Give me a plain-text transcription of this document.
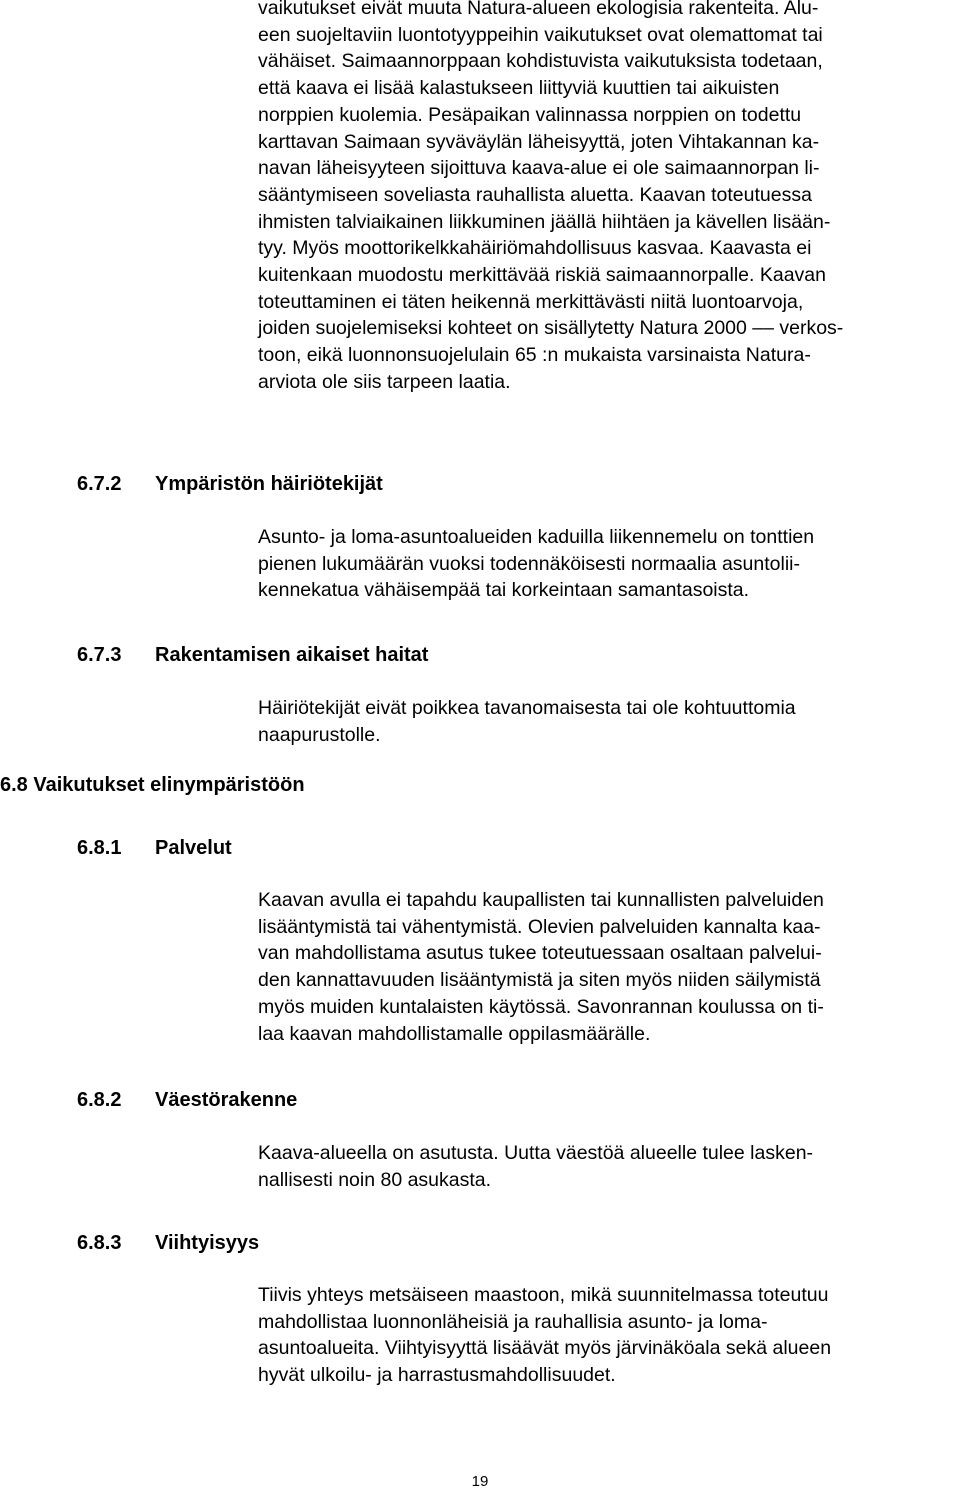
vaikutukset eivät muuta Natura-alueen ekologisia rakenteita. Alu-
een suojeltaviin luontotyyppeihin vaikutukset ovat olemattomat tai
vähäiset. Saimaannorppaan kohdistuvista vaikutuksista todetaan,
että kaava ei lisää kalastukseen liittyviä kuuttien tai aikuisten
norppien kuolemia. Pesäpaikan valinnassa norppien on todettu
karttavan Saimaan syväväylän läheisyyttä, joten Vihtakannan ka-
navan läheisyyteen sijoittuva kaava-alue ei ole saimaannorpan li-
sääntymiseen soveliasta rauhallista aluetta. Kaavan toteutuessa
ihmisten talviaikainen liikkuminen jäällä hiihtäen ja kävellen lisään-
tyy. Myös moottorikelkkahäiriömahdollisuus kasvaa. Kaavasta ei
kuitenkaan muodostu merkittävää riskiä saimaannorpalle. Kaavan
toteuttaminen ei täten heikennä merkittävästi niitä luontoarvoja,
joiden suojelemiseksi kohteet on sisällytetty Natura 2000 –– verkos-
toon, eikä luonnonsuojelulain 65 :n mukaista varsinaista Natura-
arviota ole siis tarpeen laatia.
6.7.2 Ympäristön häiriötekijät
Asunto- ja loma-asuntoalueiden kaduilla liikennemelu on tonttien
pienen lukumäärän vuoksi todennäköisesti normaalia asuntolii-
kennekatua vähäisempää tai korkeintaan samantasoista.
6.7.3 Rakentamisen aikaiset haitat
Häiriötekijät eivät poikkea tavanomaisesta tai ole kohtuuttomia
naapurustolle.
6.8 Vaikutukset elinympäristöön
6.8.1 Palvelut
Kaavan avulla ei tapahdu kaupallisten tai kunnallisten palveluiden
lisääntymistä tai vähentymistä. Olevien palveluiden kannalta kaa-
van mahdollistama asutus tukee toteutuessaan osaltaan palvelui-
den kannattavuuden lisääntymistä ja siten myös niiden säilymistä
myös muiden kuntalaisten käytössä. Savonrannan koulussa on ti-
laa kaavan mahdollistamalle oppilasmäärälle.
6.8.2 Väestörakenne
Kaava-alueella on asutusta. Uutta väestöä alueelle tulee lasken-
nallisesti noin 80 asukasta.
6.8.3 Viihtyisyys
Tiivis yhteys metsäiseen maastoon, mikä suunnitelmassa toteutuu
mahdollistaa luonnonläheisiä ja rauhallisia asunto- ja loma-
asuntoalueita. Viihtyisyyttä lisäävät myös järvinäköala sekä alueen
hyvät ulkoilu- ja harrastusmahdollisuudet.
19
